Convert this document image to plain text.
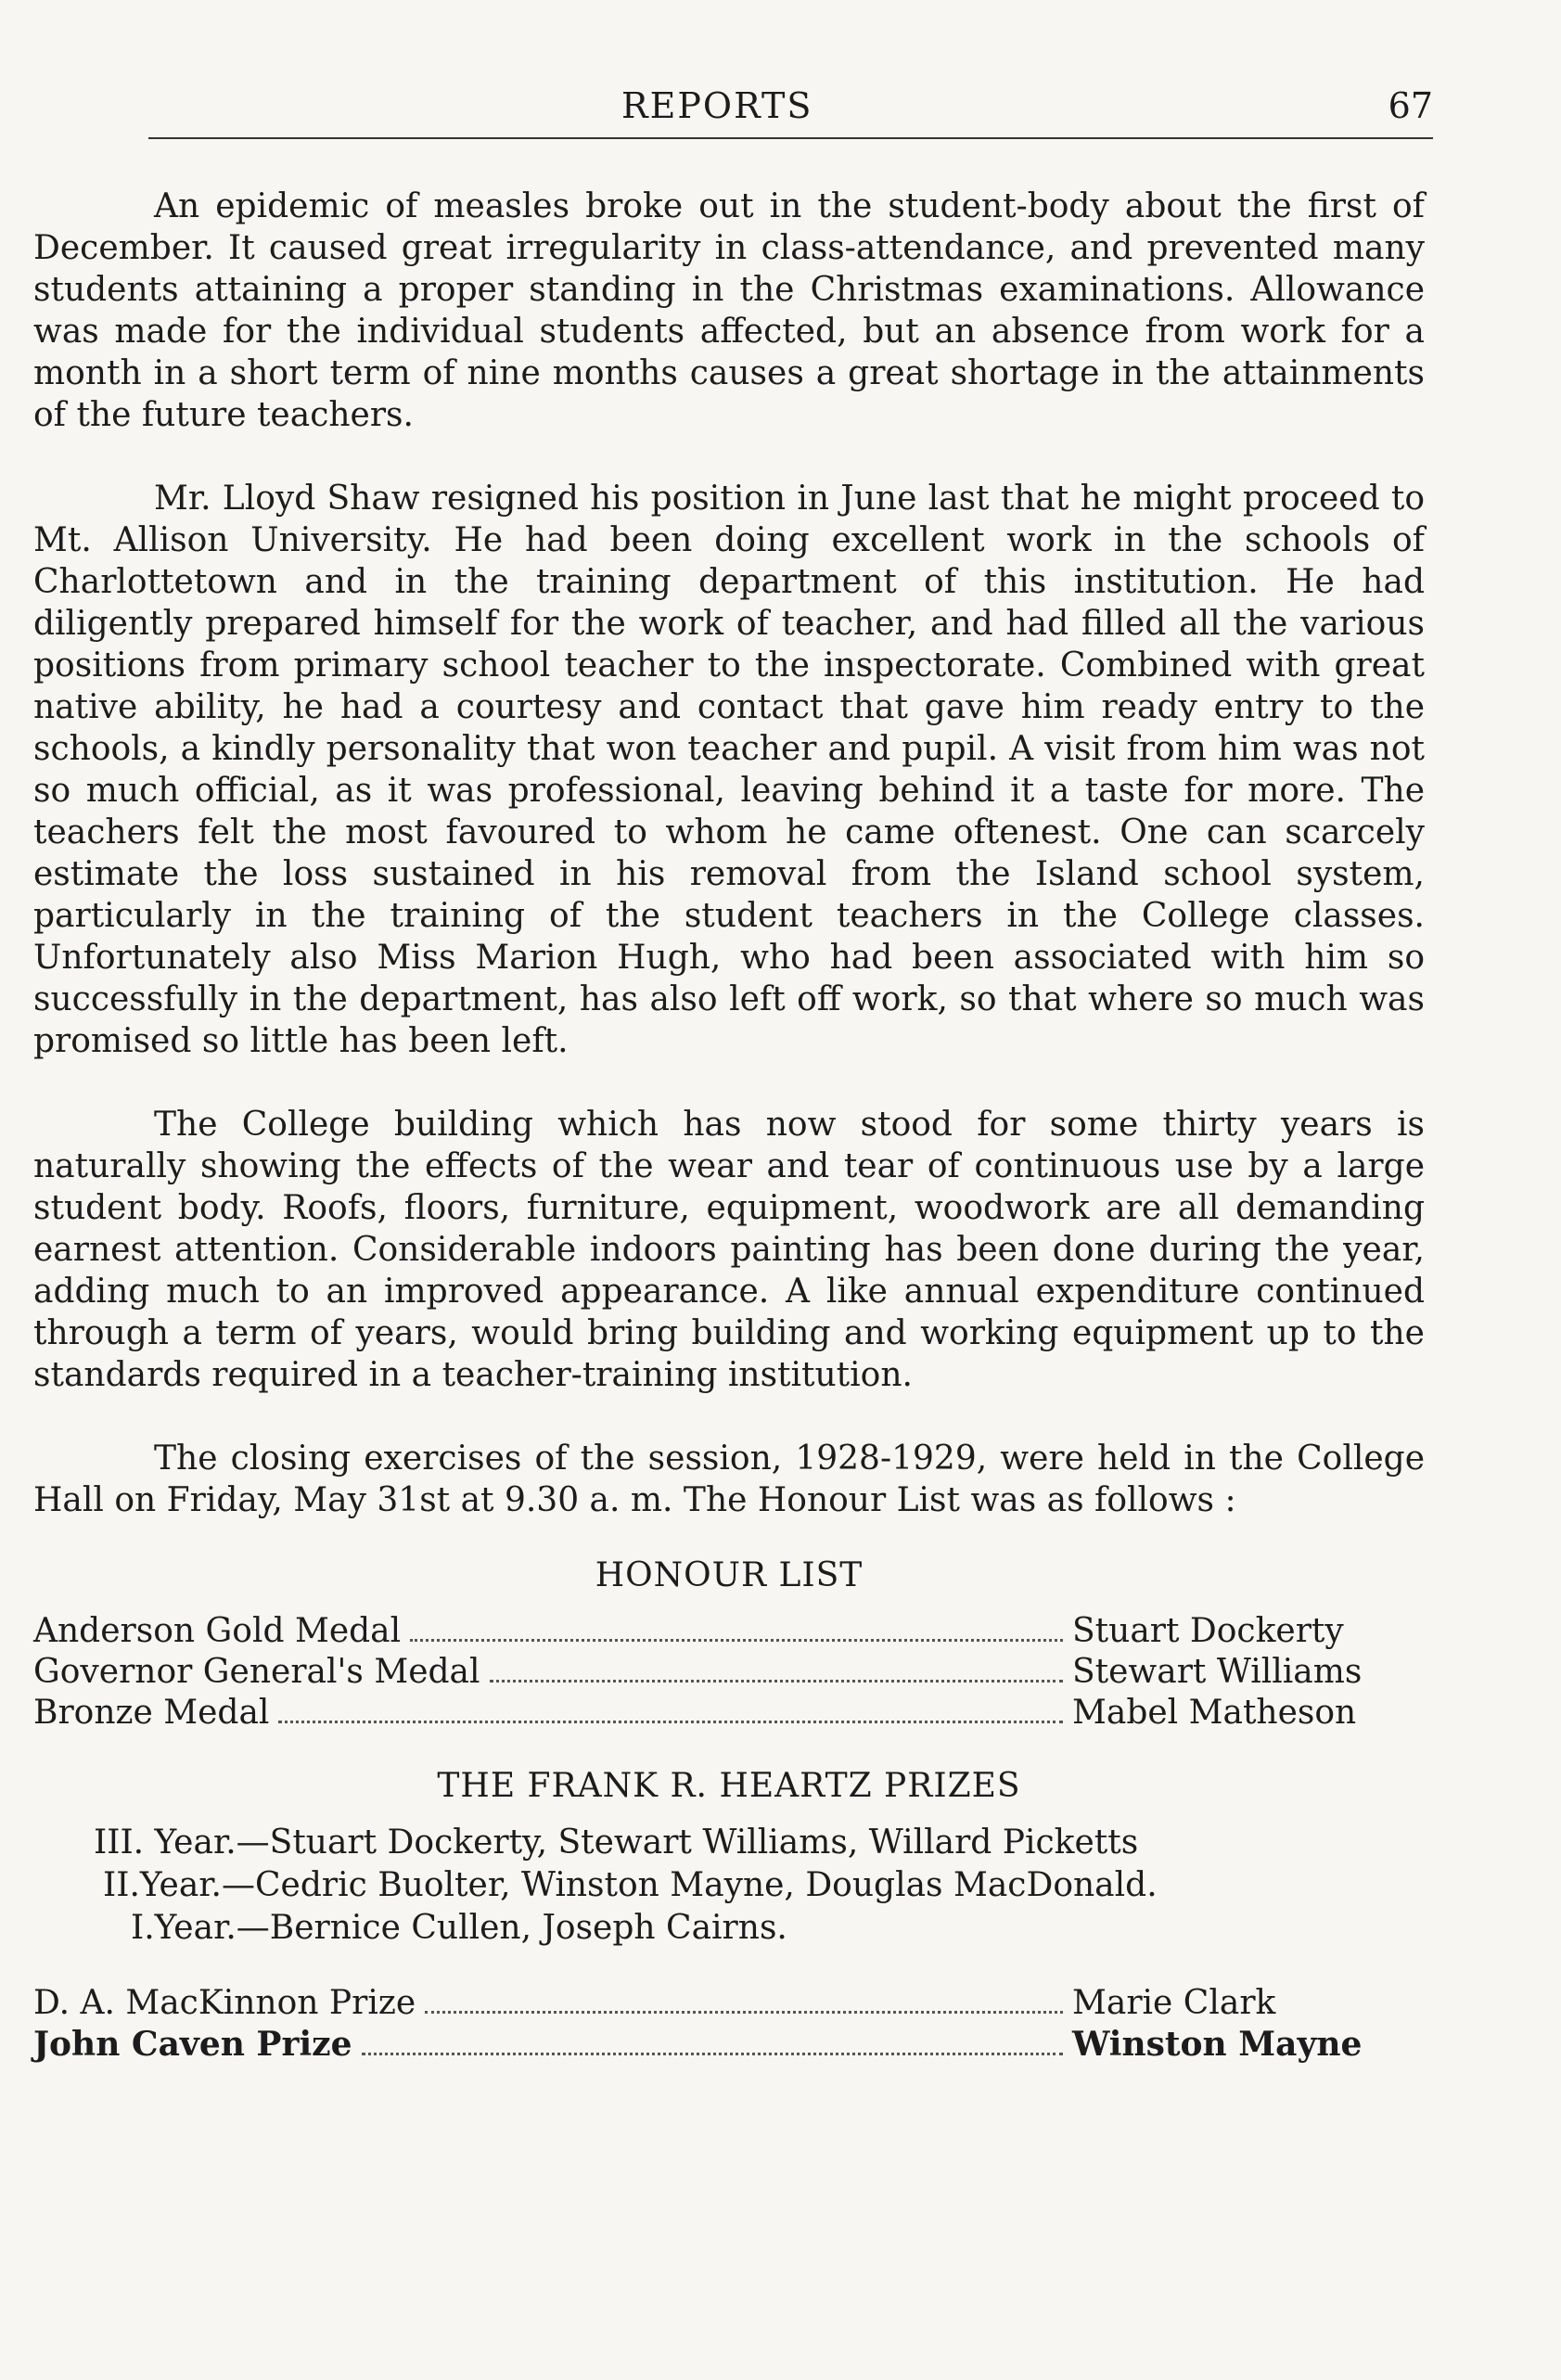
REPORTS	67

An epidemic of measles broke out in the student-body about the first of December. It caused great irregularity in class-attendance, and prevented many students attaining a proper standing in the Christmas examinations. Allowance was made for the individual students affected, but an absence from work for a month in a short term of nine months causes a great shortage in the attainments of the future teachers.

Mr. Lloyd Shaw resigned his position in June last that he might proceed to Mt. Allison University. He had been doing excellent work in the schools of Charlottetown and in the training department of this institution. He had diligently prepared himself for the work of teacher, and had filled all the various positions from primary school teacher to the inspectorate. Combined with great native ability, he had a courtesy and contact that gave him ready entry to the schools, a kindly personality that won teacher and pupil. A visit from him was not so much official, as it was professional, leaving behind it a taste for more. The teachers felt the most favoured to whom he came oftenest. One can scarcely estimate the loss sustained in his removal from the Island school system, particularly in the training of the student teachers in the College classes. Unfortunately also Miss Marion Hugh, who had been associated with him so successfully in the department, has also left off work, so that where so much was promised so little has been left.

The College building which has now stood for some thirty years is naturally showing the effects of the wear and tear of continuous use by a large student body. Roofs, floors, furniture, equipment, woodwork are all demanding earnest attention. Considerable indoors painting has been done during the year, adding much to an improved appearance. A like annual expenditure continued through a term of years, would bring building and working equipment up to the standards required in a teacher-training institution.

The closing exercises of the session, 1928-1929, were held in the College Hall on Friday, May 31st at 9.30 a. m. The Honour List was as follows :

HONOUR LIST
Anderson Gold Medal	Stuart Dockerty
Governor General's Medal	Stewart Williams
Bronze Medal	Mabel Matheson
THE FRANK R. HEARTZ PRIZES
III. Year.—Stuart Dockerty, Stewart Williams, Willard Picketts
II.Year.—Cedric Buolter, Winston Mayne, Douglas MacDonald.
I.Year.—Bernice Cullen, Joseph Cairns.
D. A. MacKinnon Prize	Marie Clark
John Caven Prize	Winston Mayne
